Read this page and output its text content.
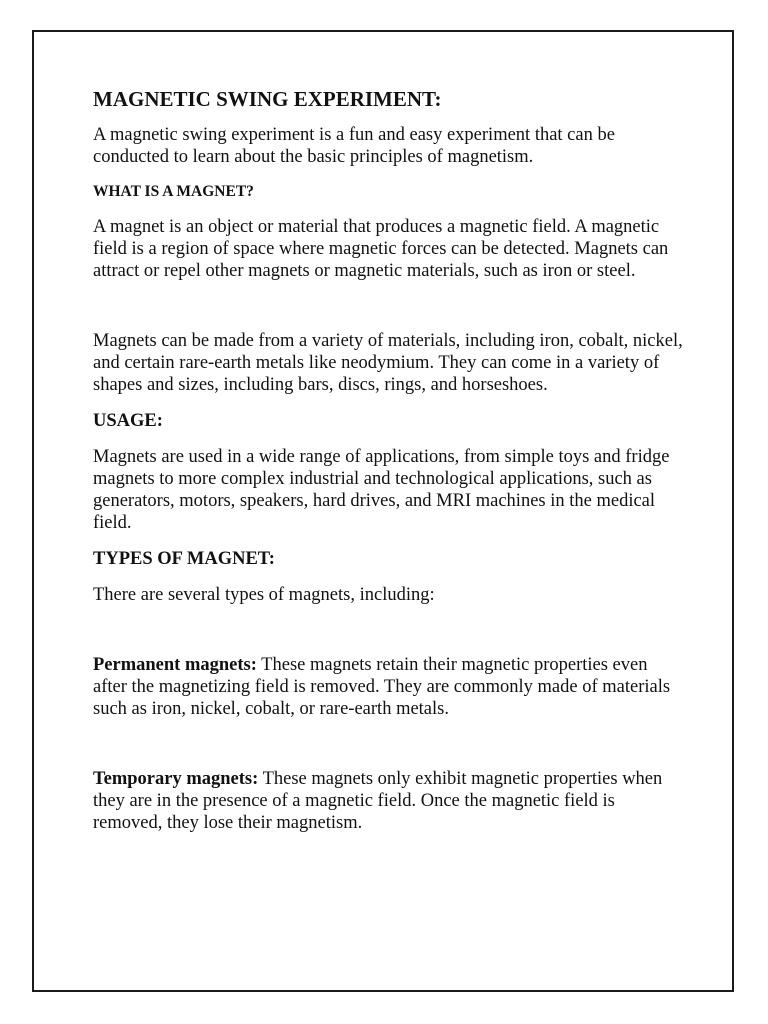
MAGNETIC SWING EXPERIMENT:

A magnetic swing experiment is a fun and easy experiment that can be conducted to learn about the basic principles of magnetism.

WHAT IS A MAGNET?

A magnet is an object or material that produces a magnetic field. A magnetic field is a region of space where magnetic forces can be detected. Magnets can attract or repel other magnets or magnetic materials, such as iron or steel.

Magnets can be made from a variety of materials, including iron, cobalt, nickel, and certain rare-earth metals like neodymium. They can come in a variety of shapes and sizes, including bars, discs, rings, and horseshoes.

USAGE:

Magnets are used in a wide range of applications, from simple toys and fridge magnets to more complex industrial and technological applications, such as generators, motors, speakers, hard drives, and MRI machines in the medical field.

TYPES OF MAGNET:

There are several types of magnets, including:

Permanent magnets: These magnets retain their magnetic properties even after the magnetizing field is removed. They are commonly made of materials such as iron, nickel, cobalt, or rare-earth metals.

Temporary magnets: These magnets only exhibit magnetic properties when they are in the presence of a magnetic field. Once the magnetic field is removed, they lose their magnetism.
